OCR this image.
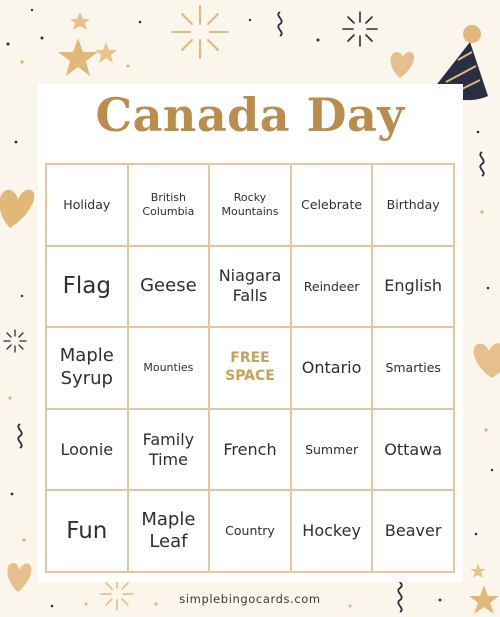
Canada Day
Holiday	British
Columbia
Rocky
Mountains Celebrate Birthday
Flag Geese Niagara
Falls
Reindeer English
Maple
Syrup
Mounties
FREE
SPACE Ontario Smarties
Loonie
Family
Time
French Summer Ottawa
Fun Maple
Leaf
Country Hockey Beaver
simplebingocards.com
